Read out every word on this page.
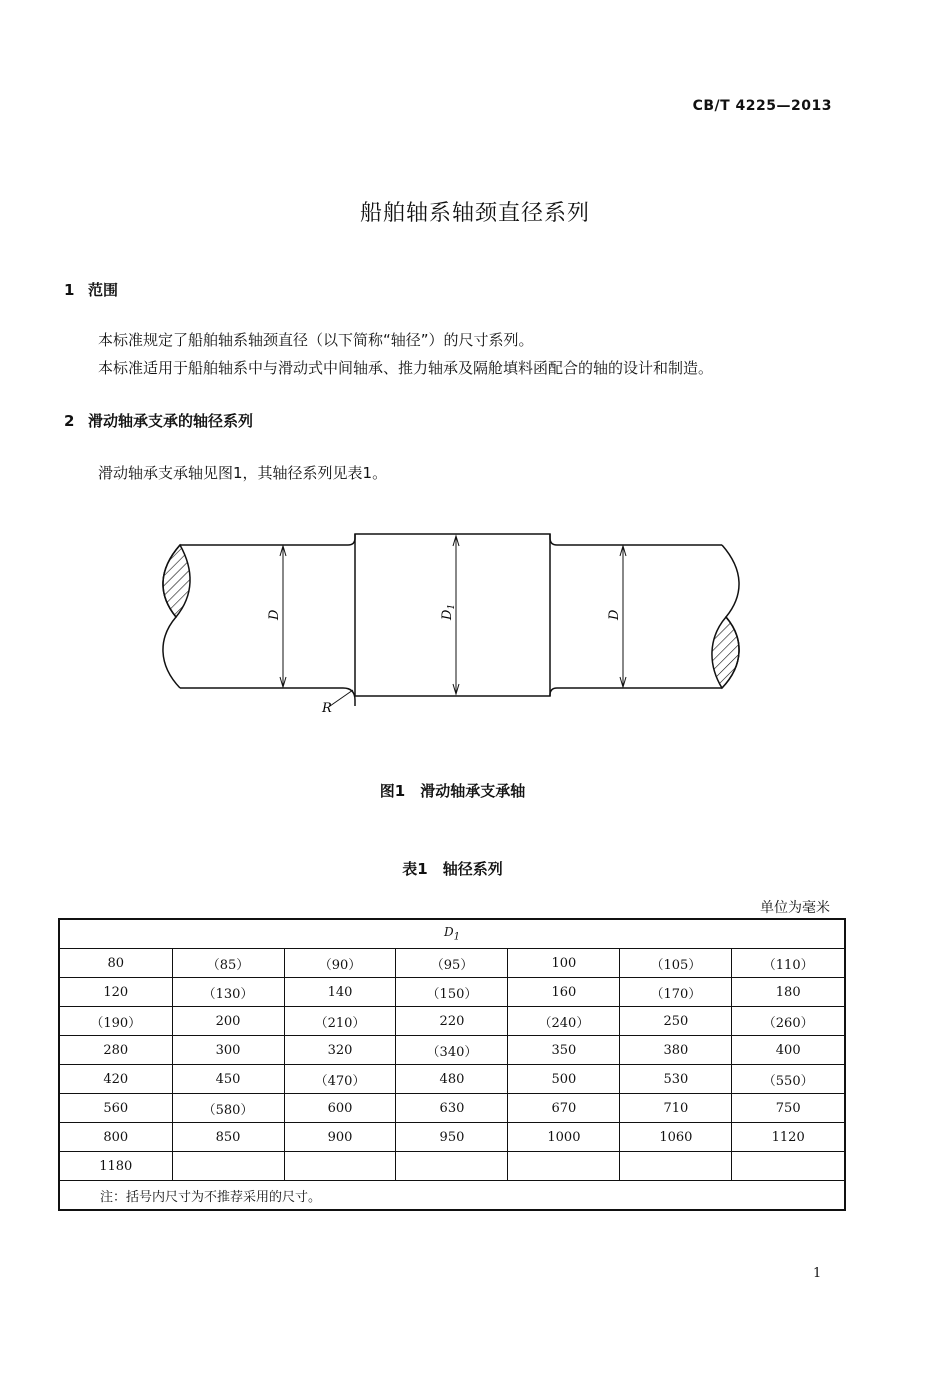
CB/T 4225—2013
船舶轴系轴颈直径系列
1 范围
本标准规定了船舶轴系轴颈直径（以下简称“轴径”）的尺寸系列。
本标准适用于船舶轴系中与滑动式中间轴承、推力轴承及隔舱填料函配合的轴的设计和制造。
2 滑动轴承支承的轴径系列
滑动轴承支承轴见图1，其轴径系列见表1。
D	$D_1$
D
R
图1　滑动轴承支承轴
表1　轴径系列
单位为毫米
$D_1$
80	（85）	（90）	（95）	100	（105）	（110）
120	（130）	140	（150）	160	（170）	180
（190）	200	（210）	220	（240）	250	（260）
280	300	320	（340）	350	380	400
420	450	（470）	480	500	530	（550）
560	（580）	600	630	670	710	750
800	850	900	950	1000	1060	1120
1180						
注：括号内尺寸为不推荐采用的尺寸。						
1
